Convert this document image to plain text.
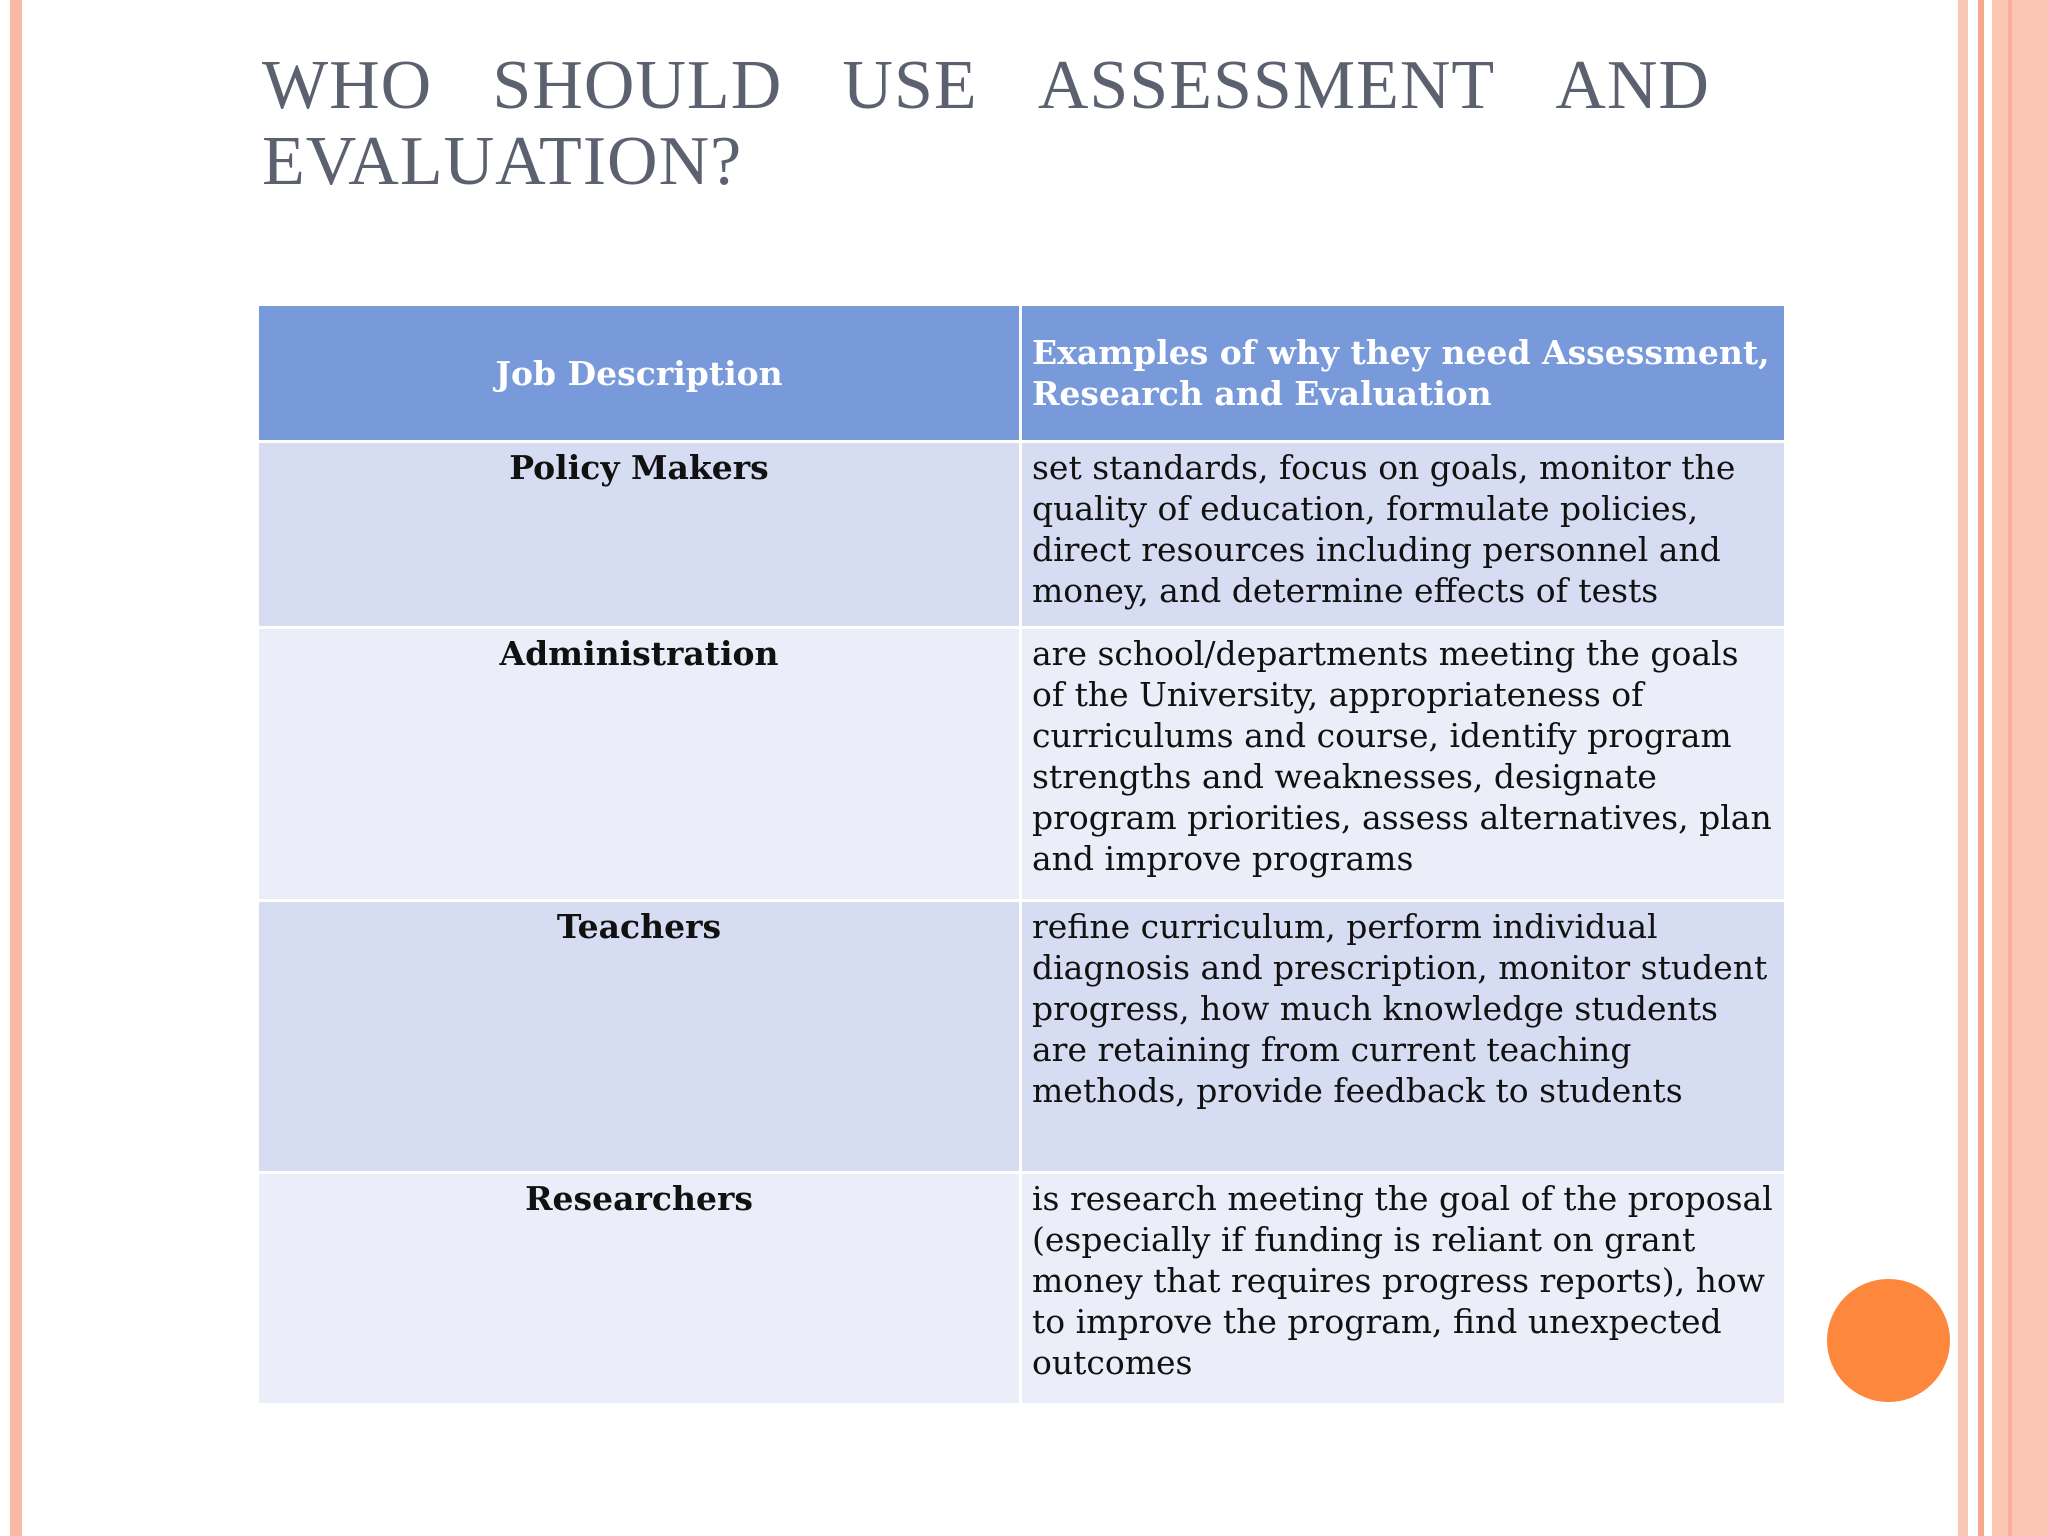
WHO SHOULD USE ASSESSMENT AND
EVALUATION?
Job Description	Examples of why they need Assessment, Research and Evaluation
Policy Makers	set standards, focus on goals, monitor the quality of education, formulate policies, direct resources including personnel and money, and determine effects of tests
Administration	are school/departments meeting the goals of the University, appropriateness of curriculums and course, identify program strengths and weaknesses, designate program priorities, assess alternatives, plan and improve programs
Teachers	refine curriculum, perform individual diagnosis and prescription, monitor student progress, how much knowledge students are retaining from current teaching methods, provide feedback to students
Researchers	is research meeting the goal of the proposal (especially if funding is reliant on grant money that requires progress reports), how to improve the program, find unexpected outcomes
